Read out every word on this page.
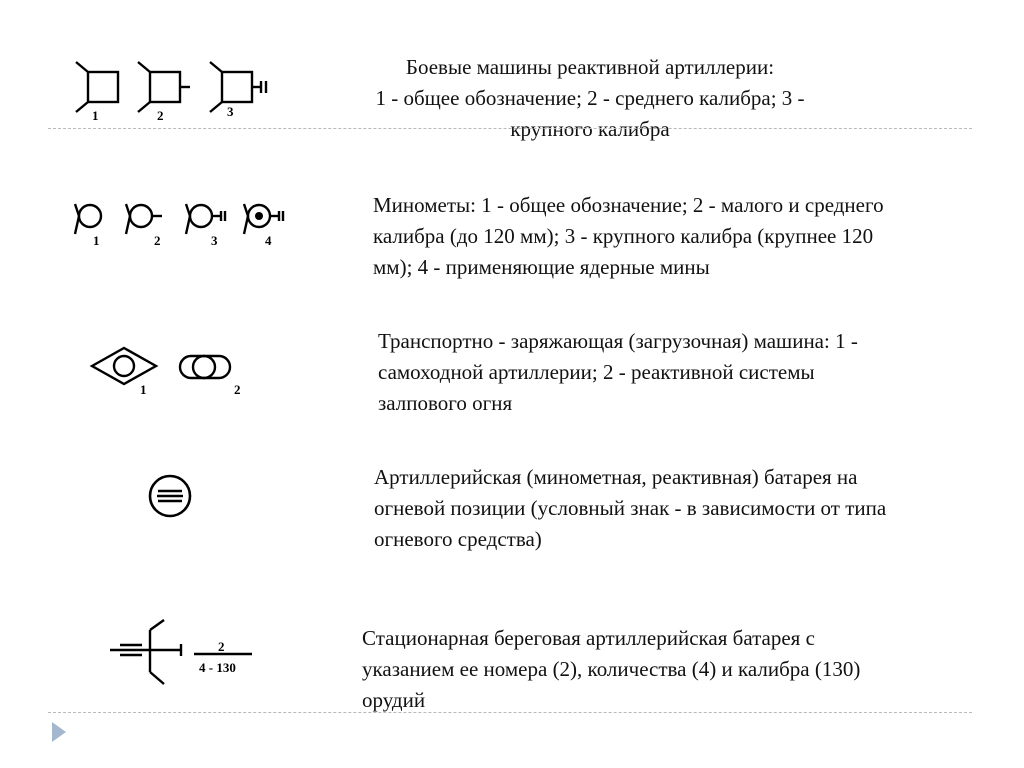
1	2	3
Боевые машины реактивной артиллерии:
1 - общее обозначение; 2 - среднего калибра; 3 -
крупного калибра
1	2	3	4
Минометы: 1 - общее обозначение; 2 - малого и среднего
калибра (до 120 мм); 3 - крупного калибра (крупнее 120
мм); 4 - применяющие ядерные мины
1	2
Транспортно - заряжающая (загрузочная) машина: 1 -
самоходной артиллерии; 2 - реактивной системы
залпового огня
Артиллерийская (минометная, реактивная) батарея на
огневой позиции (условный знак - в зависимости от типа
огневого средства)
2
4 - 130
Стационарная береговая артиллерийская батарея с
указанием ее номера (2), количества (4) и калибра (130)
орудий
